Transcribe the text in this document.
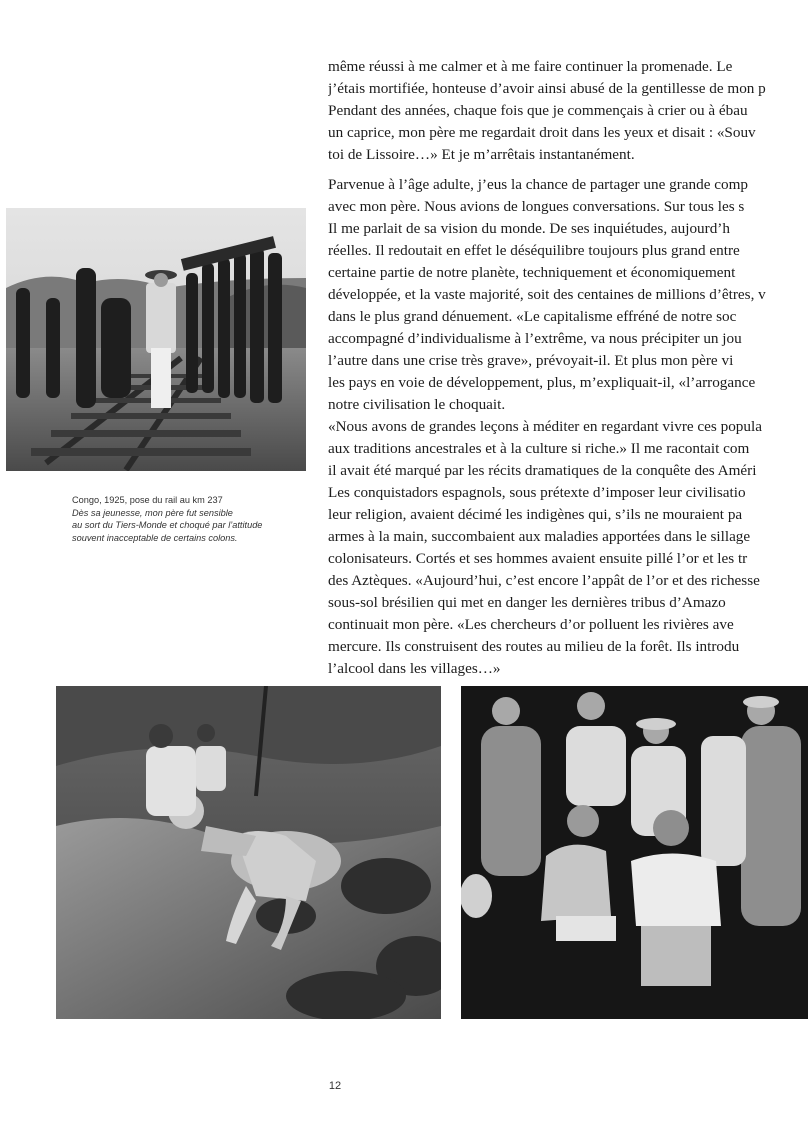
Congo, 1925, pose du rail au km 237
Dès sa jeunesse, mon père fut sensible
au sort du Tiers-Monde et choqué par l’attitude
souvent inacceptable de certains colons.
même réussi à me calmer et à me faire continuer la promenade. Le
j’étais mortifiée, honteuse d’avoir ainsi abusé de la gentillesse de mon p
Pendant des années, chaque fois que je commençais à crier ou à ébau
un caprice, mon père me regardait droit dans les yeux et disait : «Souv
toi de Lissoire…» Et je m’arrêtais instantanément.
Parvenue à l’âge adulte, j’eus la chance de partager une grande comp
avec mon père. Nous avions de longues conversations. Sur tous les s
Il me parlait de sa vision du monde. De ses inquiétudes, aujourd’h
réelles. Il redoutait en effet le déséquilibre toujours plus grand entre
certaine partie de notre planète, techniquement et économiquement
développée, et la vaste majorité, soit des centaines de millions d’êtres, v
dans le plus grand dénuement. «Le capitalisme effréné de notre soc
accompagné d’individualisme à l’extrême, va nous précipiter un jou
l’autre dans une crise très grave», prévoyait-il. Et plus mon père vi
les pays en voie de développement, plus, m’expliquait-il, «l’arrogance
notre civilisation le choquait.
«Nous avons de grandes leçons à méditer en regardant vivre ces popula
aux traditions ancestrales et à la culture si riche.» Il me racontait com
il avait été marqué par les récits dramatiques de la conquête des Améri
Les conquistadors espagnols, sous prétexte d’imposer leur civilisatio
leur religion, avaient décimé les indigènes qui, s’ils ne mouraient pa
armes à la main, succombaient aux maladies apportées dans le sillage
colonisateurs. Cortés et ses hommes avaient ensuite pillé l’or et les tr
des Aztèques. «Aujourd’hui, c’est encore l’appât de l’or et des richesse
sous-sol brésilien qui met en danger les dernières tribus d’Amazo
continuait mon père. «Les chercheurs d’or polluent les rivières ave
mercure. Ils construisent des routes au milieu de la forêt. Ils introdu
l’alcool dans les villages…»
12
